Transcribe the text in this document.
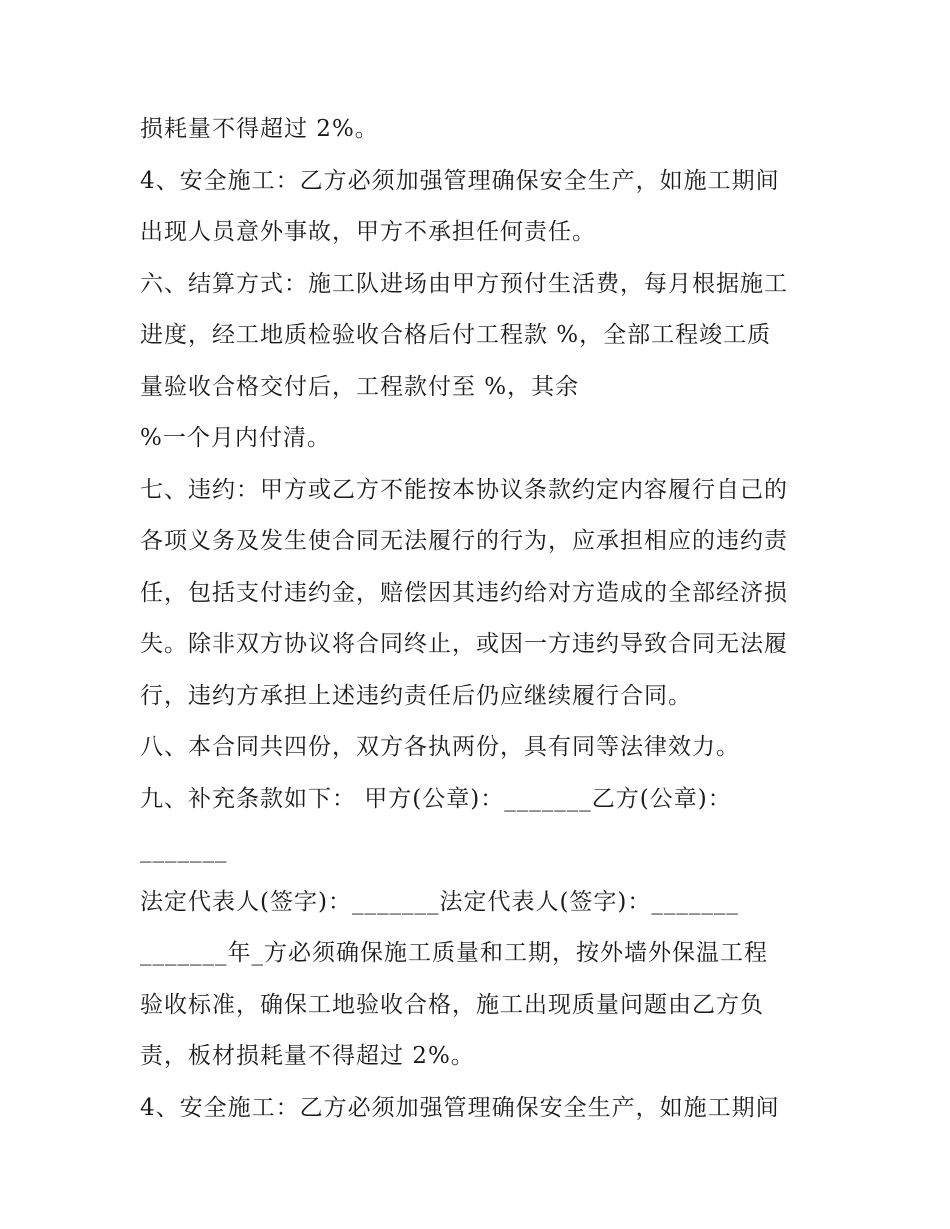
损耗量不得超过 2%。
4、安全施工：乙方必须加强管理确保安全生产，如施工期间
出现人员意外事故，甲方不承担任何责任。
六、结算方式：施工队进场由甲方预付生活费，每月根据施工
进度，经工地质检验收合格后付工程款 %，全部工程竣工质
量验收合格交付后，工程款付至 %，其余
%一个月内付清。
七、违约：甲方或乙方不能按本协议条款约定内容履行自己的
各项义务及发生使合同无法履行的行为，应承担相应的违约责
任，包括支付违约金，赔偿因其违约给对方造成的全部经济损
失。除非双方协议将合同终止，或因一方违约导致合同无法履
行，违约方承担上述违约责任后仍应继续履行合同。
八、本合同共四份，双方各执两份，具有同等法律效力。
九、补充条款如下： 甲方(公章)：_______乙方(公章)：
_______
法定代表人(签字)：_______法定代表人(签字)：_______
_______年_方必须确保施工质量和工期，按外墙外保温工程
验收标准，确保工地验收合格，施工出现质量问题由乙方负
责，板材损耗量不得超过 2%。
4、安全施工：乙方必须加强管理确保安全生产，如施工期间
